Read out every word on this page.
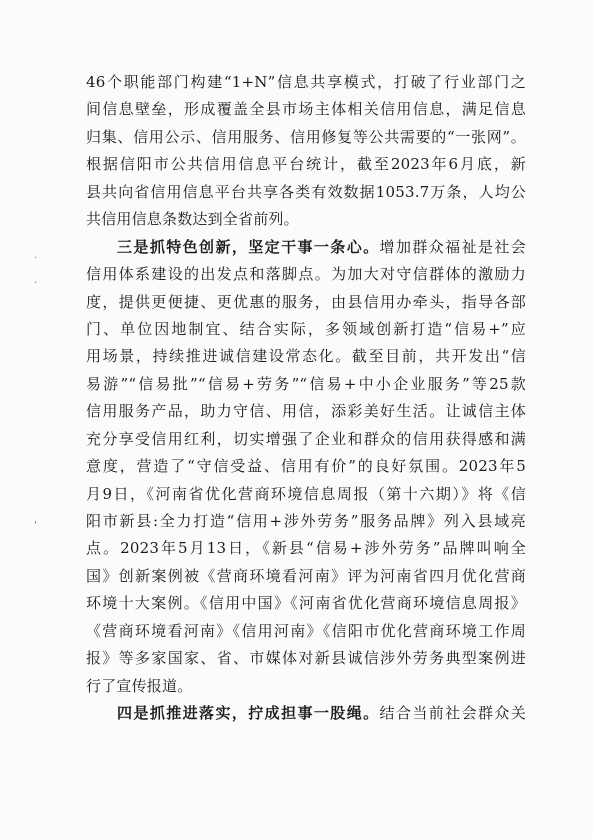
46个职能部门构建“1+N”信息共享模式，打破了行业部门之
间信息壁垒，形成覆盖全县市场主体相关信用信息，满足信息
归集、信用公示、信用服务、信用修复等公共需要的“一张网”。
根据信阳市公共信用信息平台统计，截至2023年6月底，新
县共向省信用信息平台共享各类有效数据1053.7万条，人均公
共信用信息条数达到全省前列。
三是抓特色创新，坚定干事一条心。增加群众福祉是社会
信用体系建设的出发点和落脚点。为加大对守信群体的激励力
度，提供更便捷、更优惠的服务，由县信用办牵头，指导各部
门、单位因地制宜、结合实际，多领域创新打造“信易+”应
用场景，持续推进诚信建设常态化。截至目前，共开发出“信
易游”“信易批”“信易+劳务”“信易+中小企业服务”等25款
信用服务产品，助力守信、用信，添彩美好生活。让诚信主体
充分享受信用红利，切实增强了企业和群众的信用获得感和满
意度，营造了“守信受益、信用有价”的良好氛围。2023年5
月9日，《河南省优化营商环境信息周报（第十六期）》将《信
阳市新县:全力打造“信用+涉外劳务”服务品牌》列入县域亮
点。2023年5月13日，《新县“信易+涉外劳务”品牌叫响全
国》创新案例被《营商环境看河南》评为河南省四月优化营商
环境十大案例。《信用中国》《河南省优化营商环境信息周报》
《营商环境看河南》《信用河南》《信阳市优化营商环境工作周
报》等多家国家、省、市媒体对新县诚信涉外劳务典型案例进
行了宣传报道。
四是抓推进落实，拧成担事一股绳。结合当前社会群众关
·
·
'
